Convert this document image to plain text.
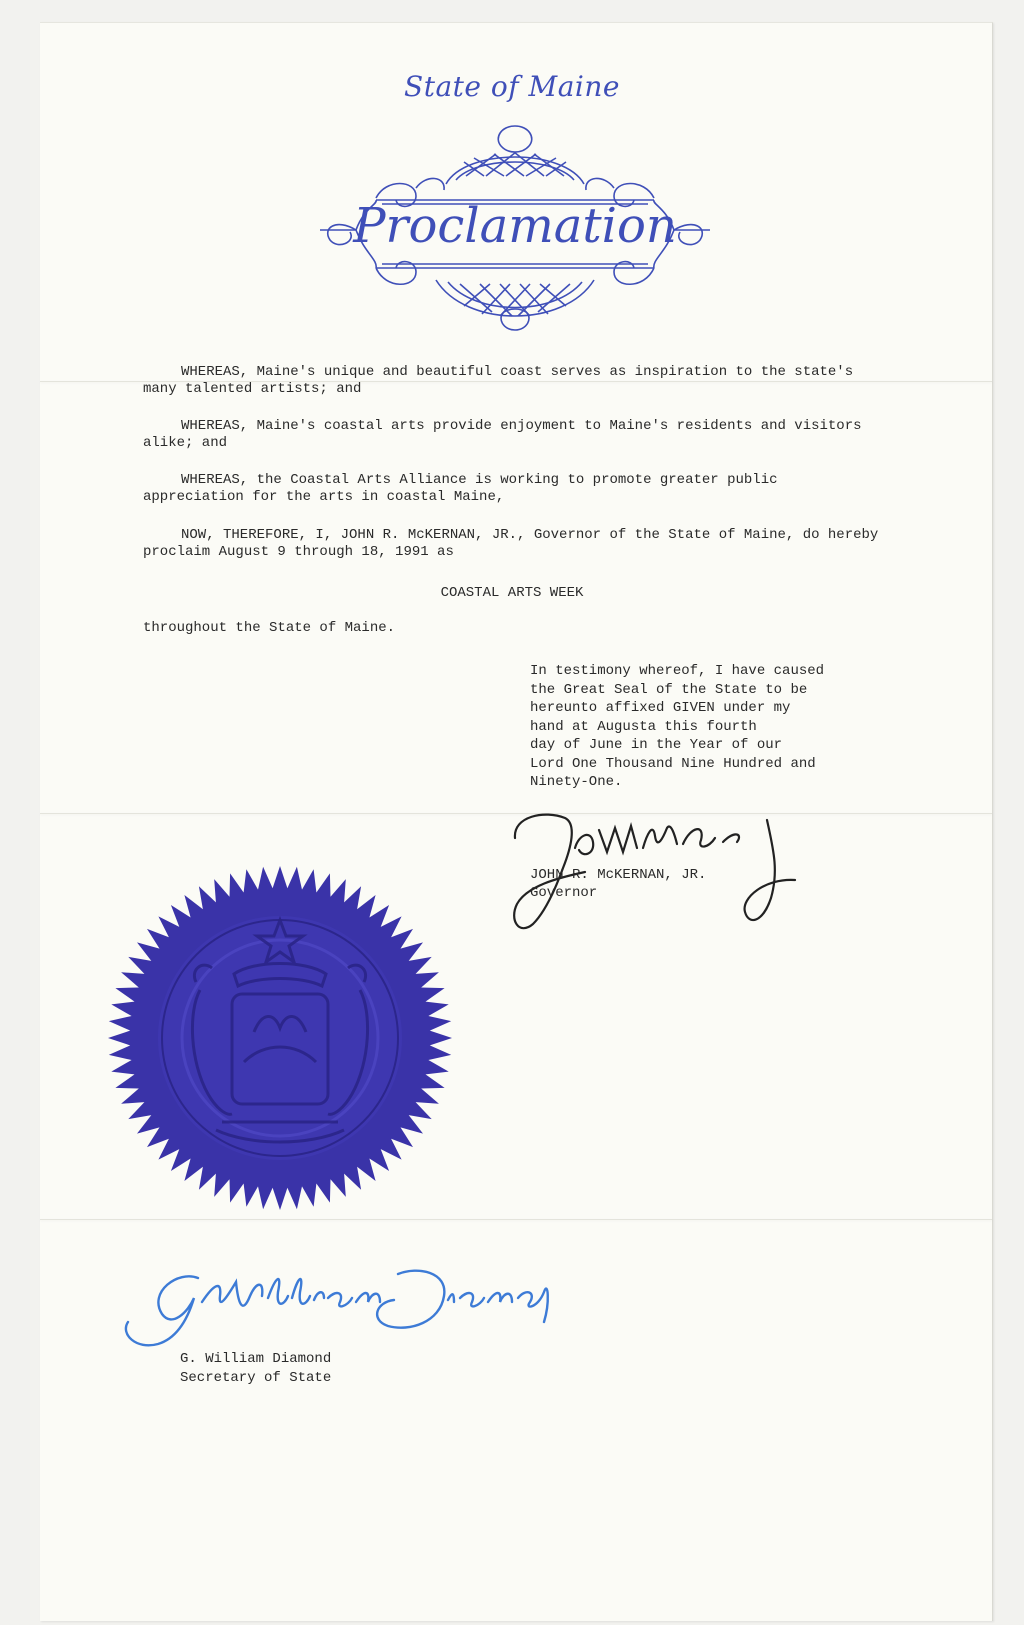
State of Maine
Proclamation
WHEREAS, Maine's unique and beautiful coast serves as inspiration to the state's many talented artists; and
WHEREAS, Maine's coastal arts provide enjoyment to Maine's residents and visitors alike; and
WHEREAS, the Coastal Arts Alliance is working to promote greater public appreciation for the arts in coastal Maine,
NOW, THEREFORE, I, JOHN R. McKERNAN, JR., Governor of the State of Maine, do hereby proclaim August 9 through 18, 1991 as
COASTAL ARTS WEEK
throughout the State of Maine.
In testimony whereof, I have caused
the Great Seal of the State to be
hereunto affixed GIVEN under my
hand at Augusta this fourth
day of June in the Year of our
Lord One Thousand Nine Hundred and
Ninety-One.
JOHN R. McKERNAN, JR.
Governor
G. William Diamond
Secretary of State
